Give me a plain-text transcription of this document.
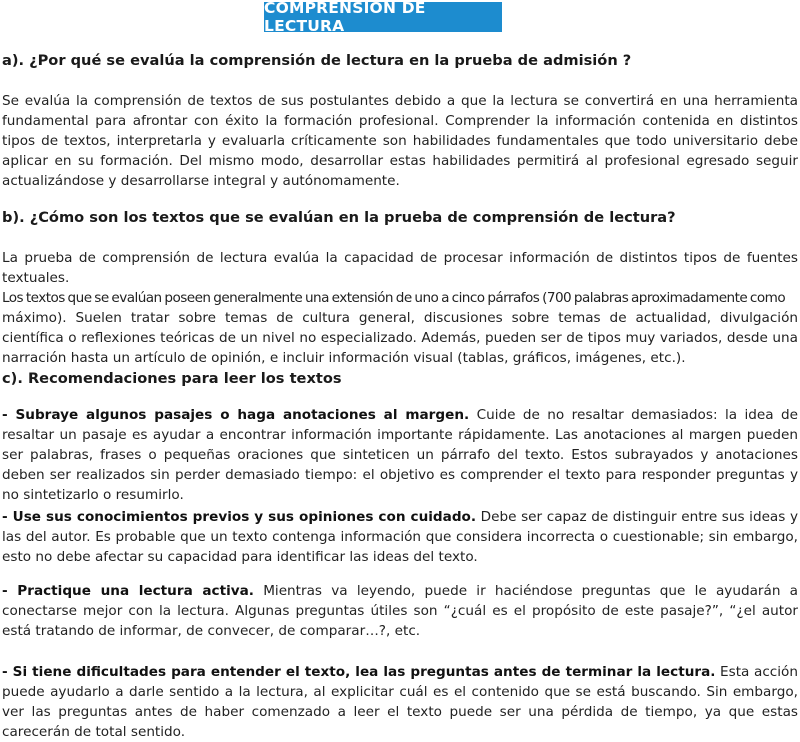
COMPRENSIÓN DE LECTURA
a). ¿Por qué se evalúa la comprensión de lectura en la prueba de admisión ?
Se evalúa la comprensión de textos de sus postulantes debido a que la lectura se convertirá en una herramienta fundamental para afrontar con éxito la formación profesional. Comprender la información contenida en distintos tipos de textos, interpretarla y evaluarla críticamente son habilidades fundamentales que todo universitario debe aplicar en su formación. Del mismo modo, desarrollar estas habilidades permitirá al profesional egresado seguir actualizándose y desarrollarse integral y autónomamente.
b). ¿Cómo son los textos que se evalúan en la prueba de comprensión de lectura?
La prueba de comprensión de lectura evalúa la capacidad de procesar información de distintos tipos de fuentes textuales.
Los textos que se evalúan poseen generalmente una extensión de uno a cinco párrafos (700 palabras aproximadamente como
máximo). Suelen tratar sobre temas de cultura general, discusiones sobre temas de actualidad, divulgación científica o reflexiones teóricas de un nivel no especializado. Además, pueden ser de tipos muy variados, desde una narración hasta un artículo de opinión, e incluir información visual (tablas, gráficos, imágenes, etc.).
c). Recomendaciones para leer los textos
- Subraye algunos pasajes o haga anotaciones al margen. Cuide de no resaltar demasiados: la idea de resaltar un pasaje es ayudar a encontrar información importante rápidamente. Las anotaciones al margen pueden ser palabras, frases o pequeñas oraciones que sinteticen un párrafo del texto. Estos subrayados y anotaciones deben ser realizados sin perder demasiado tiempo: el objetivo es comprender el texto para responder preguntas y no sintetizarlo o resumirlo.
- Use sus conocimientos previos y sus opiniones con cuidado. Debe ser capaz de distinguir entre sus ideas y las del autor. Es probable que un texto contenga información que considera incorrecta o cuestionable; sin embargo, esto no debe afectar su capacidad para identificar las ideas del texto.
- Practique una lectura activa. Mientras va leyendo, puede ir haciéndose preguntas que le ayudarán a conectarse mejor con la lectura. Algunas preguntas útiles son “¿cuál es el propósito de este pasaje?”, “¿el autor está tratando de informar, de convecer, de comparar…?, etc.
- Si tiene dificultades para entender el texto, lea las preguntas antes de terminar la lectura. Esta acción puede ayudarlo a darle sentido a la lectura, al explicitar cuál es el contenido que se está buscando. Sin embargo, ver las preguntas antes de haber comenzado a leer el texto puede ser una pérdida de tiempo, ya que estas carecerán de total sentido.
